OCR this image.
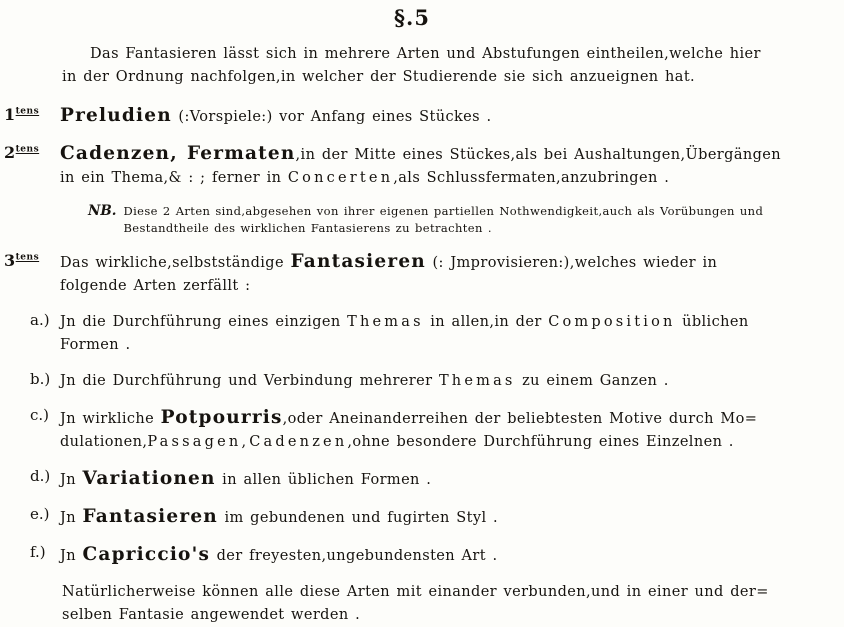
§.5
Das Fantasieren lässt sich in mehrere Arten und Abstufungen eintheilen,welche hier
in der Ordnung nachfolgen,in welcher der Studierende sie sich anzueignen hat.
$1^{tens}$	Preludien (:Vorspiele:) vor Anfang eines Stückes .
$2^{tens}$	Cadenzen, Fermaten,in der Mitte eines Stückes,als bei Aushaltungen,Übergängen
in ein Thema,& : ; ferner in Concerten,als Schlussfermaten,anzubringen .
NB. Diese 2 Arten sind,abgesehen von ihrer eigenen partiellen Nothwendigkeit,auch als Vorübungen und
Bestandtheile des wirklichen Fantasierens zu betrachten .
$3^{tens}$	Das wirkliche,selbstständige Fantasieren (: Jmprovisieren:),welches wieder in
folgende Arten zerfällt :
a.) Jn die Durchführung eines einzigen Themas in allen,in der Composition üblichen
Formen .
b.) Jn die Durchführung und Verbindung mehrerer Themas zu einem Ganzen .
c.) Jn wirkliche Potpourris,oder Aneinanderreihen der beliebtesten Motive durch Mo=
dulationen,Passagen,Cadenzen,ohne besondere Durchführung eines Einzelnen .
d.) Jn Variationen in allen üblichen Formen .
e.) Jn Fantasieren im gebundenen und fugirten Styl .
f.) Jn Capriccio's der freyesten,ungebundensten Art .
Natürlicherweise können alle diese Arten mit einander verbunden,und in einer und der=
selben Fantasie angewendet werden .
